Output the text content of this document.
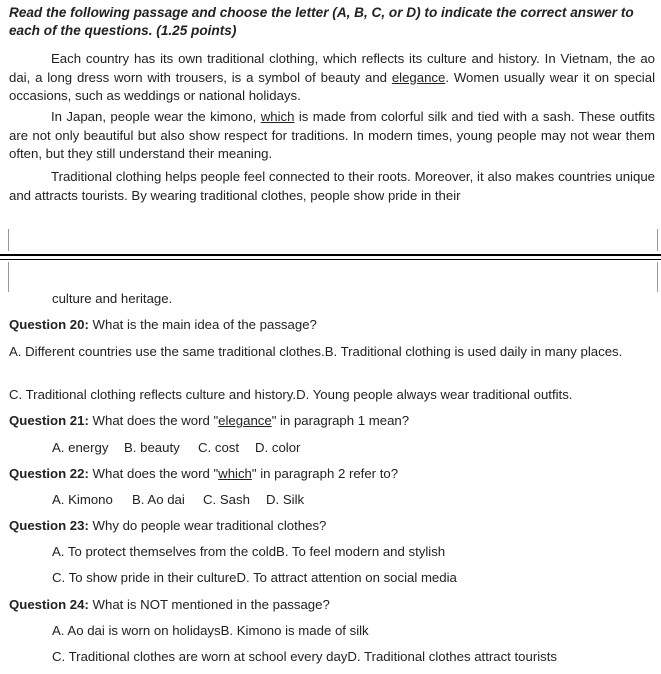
Read the following passage and choose the letter (A, B, C, or D) to indicate the correct answer to each of the questions. (1.25 points)
Each country has its own traditional clothing, which reflects its culture and history. In Vietnam, the ao dai, a long dress worn with trousers, is a symbol of beauty and elegance. Women usually wear it on special occasions, such as weddings or national holidays.
In Japan, people wear the kimono, which is made from colorful silk and tied with a sash. These outfits are not only beautiful but also show respect for traditions. In modern times, young people may not wear them often, but they still understand their meaning.
Traditional clothing helps people feel connected to their roots. Moreover, it also makes countries unique and attracts tourists. By wearing traditional clothes, people show pride in their
culture and heritage.
Question 20: What is the main idea of the passage?
A. Different countries use the same traditional clothes.B. Traditional clothing is used daily in many places.
C. Traditional clothing reflects culture and history.D. Young people always wear traditional outfits.
Question 21: What does the word "elegance" in paragraph 1 mean?
A. energy B. beauty C. cost D. color
Question 22: What does the word "which" in paragraph 2 refer to?
A. Kimono B. Ao dai C. Sash D. Silk
Question 23: Why do people wear traditional clothes?
A. To protect themselves from the coldB. To feel modern and stylish
C. To show pride in their cultureD. To attract attention on social media
Question 24: What is NOT mentioned in the passage?
A. Ao dai is worn on holidaysB. Kimono is made of silk
C. Traditional clothes are worn at school every dayD. Traditional clothes attract tourists
